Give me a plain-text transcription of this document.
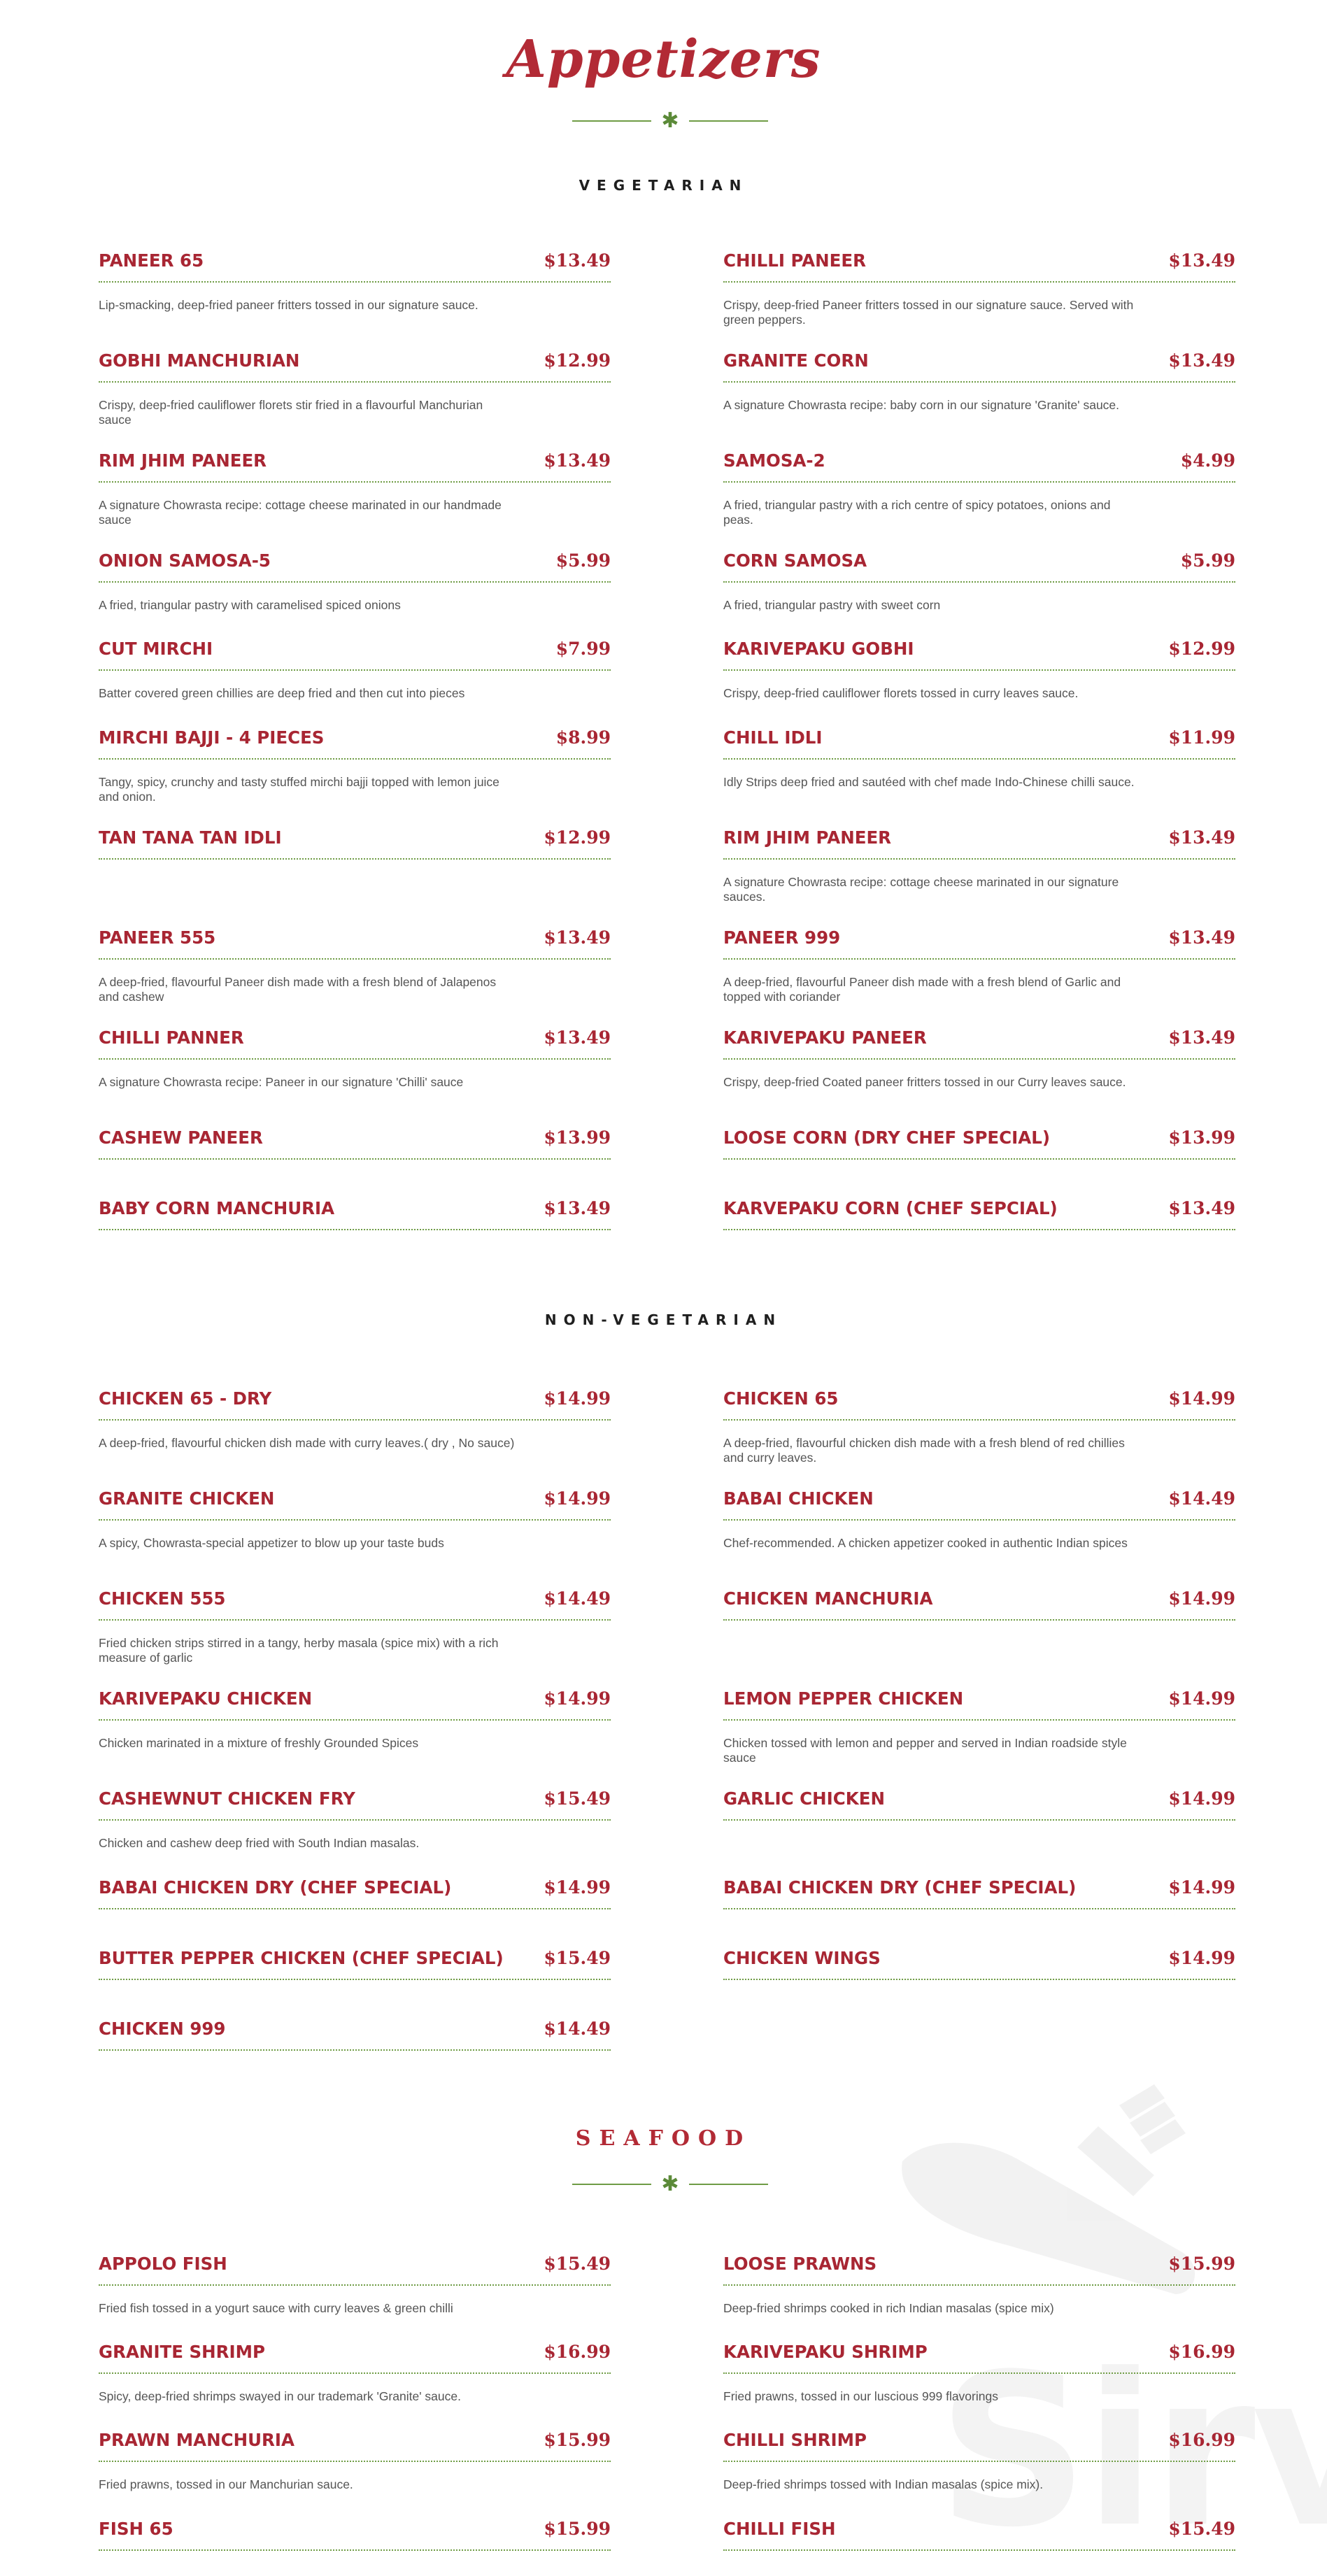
Appetizers
✱
VEGETARIAN
PANEER 65	$13.49
Lip-smacking, deep-fried paneer fritters tossed in our signature sauce.
GOBHI MANCHURIAN	$12.99
Crispy, deep-fried cauliflower florets stir fried in a flavourful Manchurian sauce
RIM JHIM PANEER	$13.49
A signature Chowrasta recipe: cottage cheese marinated in our handmade sauce
ONION SAMOSA-5	$5.99
A fried, triangular pastry with caramelised spiced onions
CUT MIRCHI	$7.99
Batter covered green chillies are deep fried and then cut into pieces
MIRCHI BAJJI - 4 PIECES	$8.99
Tangy, spicy, crunchy and tasty stuffed mirchi bajji topped with lemon juice and onion.
TAN TANA TAN IDLI	$12.99
PANEER 555	$13.49
A deep-fried, flavourful Paneer dish made with a fresh blend of Jalapenos and cashew
CHILLI PANNER	$13.49
A signature Chowrasta recipe: Paneer in our signature 'Chilli' sauce
CASHEW PANEER	$13.99
BABY CORN MANCHURIA	$13.49
CHILLI PANEER	$13.49
Crispy, deep-fried Paneer fritters tossed in our signature sauce. Served with green peppers.
GRANITE CORN	$13.49
A signature Chowrasta recipe: baby corn in our signature 'Granite' sauce.
SAMOSA-2	$4.99
A fried, triangular pastry with a rich centre of spicy potatoes, onions and peas.
CORN SAMOSA	$5.99
A fried, triangular pastry with sweet corn
KARIVEPAKU GOBHI	$12.99
Crispy, deep-fried cauliflower florets tossed in curry leaves sauce.
CHILL IDLI	$11.99
Idly Strips deep fried and sautéed with chef made Indo-Chinese chilli sauce.
RIM JHIM PANEER	$13.49
A signature Chowrasta recipe: cottage cheese marinated in our signature sauces.
PANEER 999	$13.49
A deep-fried, flavourful Paneer dish made with a fresh blend of Garlic and topped with coriander
KARIVEPAKU PANEER	$13.49
Crispy, deep-fried Coated paneer fritters tossed in our Curry leaves sauce.
LOOSE CORN (DRY CHEF SPECIAL)	$13.99
KARVEPAKU CORN (CHEF SEPCIAL)	$13.49
NON-VEGETARIAN
CHICKEN 65 - DRY	$14.99
A deep-fried, flavourful chicken dish made with curry leaves.( dry , No sauce)
GRANITE CHICKEN	$14.99
A spicy, Chowrasta-special appetizer to blow up your taste buds
CHICKEN 555	$14.49
Fried chicken strips stirred in a tangy, herby masala (spice mix) with a rich measure of garlic
KARIVEPAKU CHICKEN	$14.99
Chicken marinated in a mixture of freshly Grounded Spices
CASHEWNUT CHICKEN FRY	$15.49
Chicken and cashew deep fried with South Indian masalas.
BABAI CHICKEN DRY (CHEF SPECIAL)	$14.99
BUTTER PEPPER CHICKEN (CHEF SPECIAL) $15.49
CHICKEN 999	$14.49
CHICKEN 65	$14.99
A deep-fried, flavourful chicken dish made with a fresh blend of red chillies and curry leaves.
BABAI CHICKEN	$14.49
Chef-recommended. A chicken appetizer cooked in authentic Indian spices
CHICKEN MANCHURIA	$14.99
LEMON PEPPER CHICKEN	$14.99
Chicken tossed with lemon and pepper and served in Indian roadside style sauce
GARLIC CHICKEN	$14.99
BABAI CHICKEN DRY (CHEF SPECIAL)	$14.99
CHICKEN WINGS	$14.99
SEAFOOD
✱
APPOLO FISH	$15.49
Fried fish tossed in a yogurt sauce with curry leaves & green chilli
GRANITE SHRIMP	$16.99
Spicy, deep-fried shrimps swayed in our trademark 'Granite' sauce.
PRAWN MANCHURIA	$15.99
Fried prawns, tossed in our Manchurian sauce.
FISH 65	$15.99
LOOSE PRAWNS	$15.99
Deep-fried shrimps cooked in rich Indian masalas (spice mix)
KARIVEPAKU SHRIMP	$16.99
Fried prawns, tossed in our luscious 999 flavorings
CHILLI SHRIMP	$16.99
Deep-fried shrimps tossed with Indian masalas (spice mix).
CHILLI FISH	$15.49
